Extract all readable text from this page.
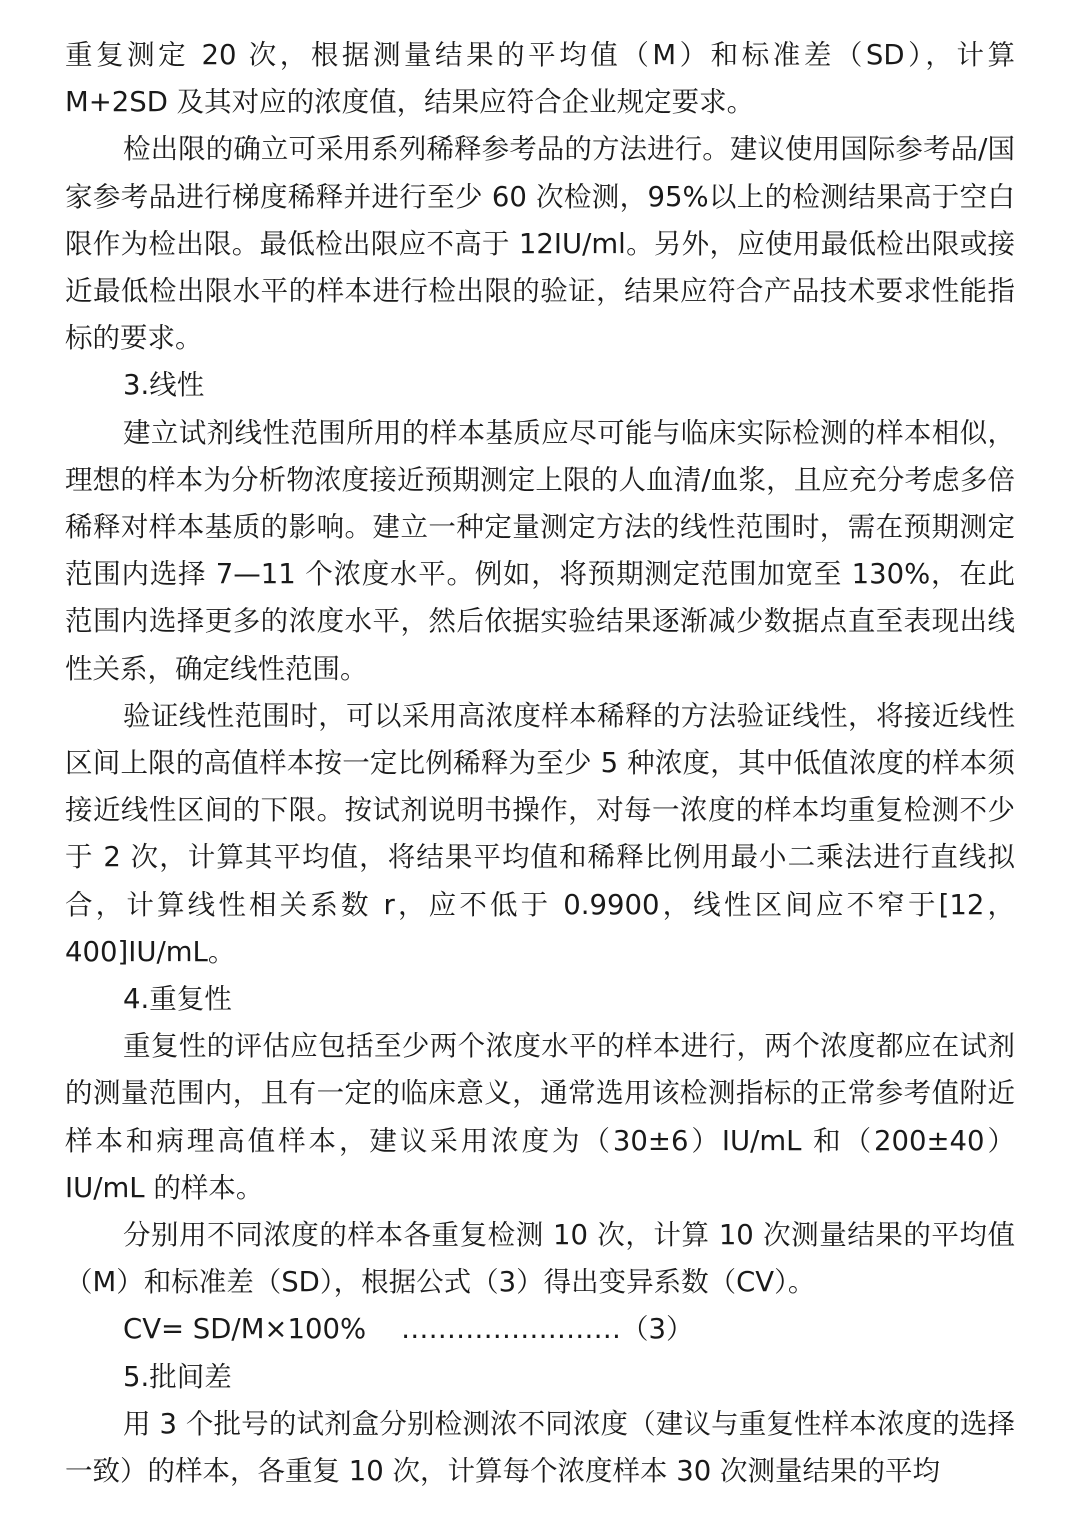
重复测定 20 次，根据测量结果的平均值（M）和标准差（SD），计算 M+2SD 及其对应的浓度值，结果应符合企业规定要求。

检出限的确立可采用系列稀释参考品的方法进行。建议使用国际参考品/国家参考品进行梯度稀释并进行至少 60 次检测，95%以上的检测结果高于空白限作为检出限。最低检出限应不高于 12IU/ml。另外，应使用最低检出限或接近最低检出限水平的样本进行检出限的验证，结果应符合产品技术要求性能指标的要求。

3.线性

建立试剂线性范围所用的样本基质应尽可能与临床实际检测的样本相似，理想的样本为分析物浓度接近预期测定上限的人血清/血浆，且应充分考虑多倍稀释对样本基质的影响。建立一种定量测定方法的线性范围时，需在预期测定范围内选择 7—11 个浓度水平。例如，将预期测定范围加宽至 130%，在此范围内选择更多的浓度水平，然后依据实验结果逐渐减少数据点直至表现出线性关系，确定线性范围。

验证线性范围时，可以采用高浓度样本稀释的方法验证线性，将接近线性区间上限的高值样本按一定比例稀释为至少 5 种浓度，其中低值浓度的样本须接近线性区间的下限。按试剂说明书操作，对每一浓度的样本均重复检测不少于 2 次，计算其平均值，将结果平均值和稀释比例用最小二乘法进行直线拟合，计算线性相关系数 r，应不低于 0.9900，线性区间应不窄于[12，400]IU/mL。

4.重复性

重复性的评估应包括至少两个浓度水平的样本进行，两个浓度都应在试剂的测量范围内，且有一定的临床意义，通常选用该检测指标的正常参考值附近样本和病理高值样本，建议采用浓度为（30±6）IU/mL 和（200±40）IU/mL 的样本。

分别用不同浓度的样本各重复检测 10 次，计算 10 次测量结果的平均值（M）和标准差（SD），根据公式（3）得出变异系数（CV）。

CV= SD/M×100%    ……………………（3）

5.批间差

用 3 个批号的试剂盒分别检测浓不同浓度（建议与重复性样本浓度的选择一致）的样本，各重复 10 次，计算每个浓度样本 30 次测量结果的平均
